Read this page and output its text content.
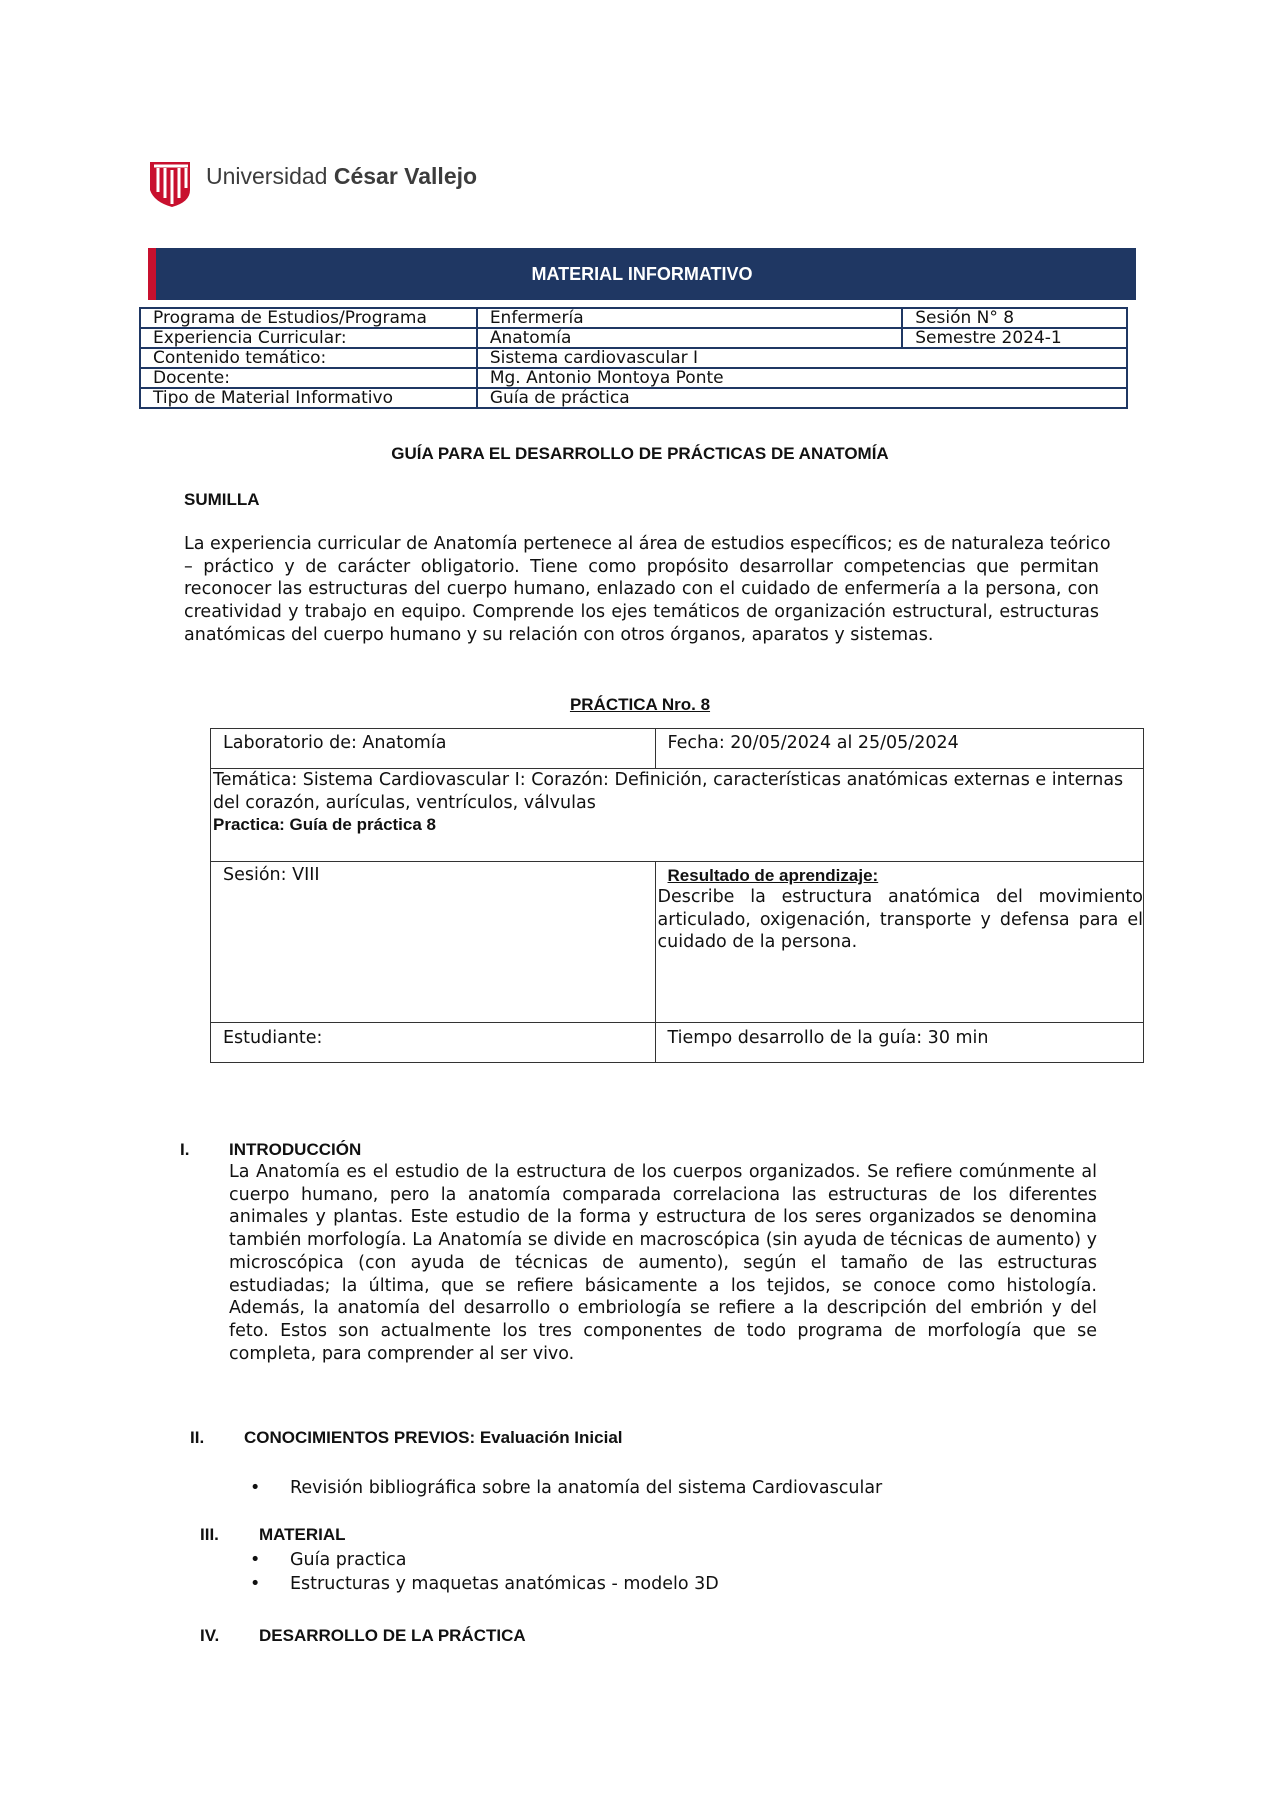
Universidad César Vallejo
MATERIAL INFORMATIVO
Programa de Estudios/Programa	Enfermería	Sesión N° 8
Experiencia Curricular:	Anatomía	Semestre 2024-1
Contenido temático:	Sistema cardiovascular I	
Docente:	Mg. Antonio Montoya Ponte	
Tipo de Material Informativo	Guía de práctica	
GUÍA PARA EL DESARROLLO DE PRÁCTICAS DE ANATOMÍA
SUMILLA
La experiencia curricular de Anatomía pertenece al área de estudios específicos; es de naturaleza teórico
– práctico y de carácter obligatorio. Tiene como propósito desarrollar competencias que permitan reconocer las estructuras del cuerpo humano, enlazado con el cuidado de enfermería a la persona, con creatividad y trabajo en equipo. Comprende los ejes temáticos de organización estructural, estructuras anatómicas del cuerpo humano y su relación con otros órganos, aparatos y sistemas.
PRÁCTICA Nro. 8
Laboratorio de: Anatomía	Fecha: 20/05/2024 al 25/05/2024

Temática: Sistema Cardiovascular I: Corazón: Definición, características anatómicas externas e internas del corazón, aurículas, ventrículos, válvulas
Practica: Guía de práctica 8	

Sesión: VIII	Resultado de aprendizaje:
Describe la estructura anatómica del movimiento articulado, oxigenación, transporte y defensa para el cuidado de la persona.

Estudiante:	Tiempo desarrollo de la guía: 30 min
I. INTRODUCCIÓN
La Anatomía es el estudio de la estructura de los cuerpos organizados. Se refiere comúnmente al cuerpo humano, pero la anatomía comparada correlaciona las estructuras de los diferentes animales y plantas. Este estudio de la forma y estructura de los seres organizados se denomina también morfología. La Anatomía se divide en macroscópica (sin ayuda de técnicas de aumento) y microscópica (con ayuda de técnicas de aumento), según el tamaño de las estructuras estudiadas; la última, que se refiere básicamente a los tejidos, se conoce como histología. Además, la anatomía del desarrollo o embriología se refiere a la descripción del embrión y del feto. Estos son actualmente los tres componentes de todo programa de morfología que se completa, para comprender al ser vivo.
II. CONOCIMIENTOS PREVIOS: Evaluación Inicial
• Revisión bibliográfica sobre la anatomía del sistema Cardiovascular
III. MATERIAL
• Guía practica
• Estructuras y maquetas anatómicas - modelo 3D
IV. DESARROLLO DE LA PRÁCTICA
